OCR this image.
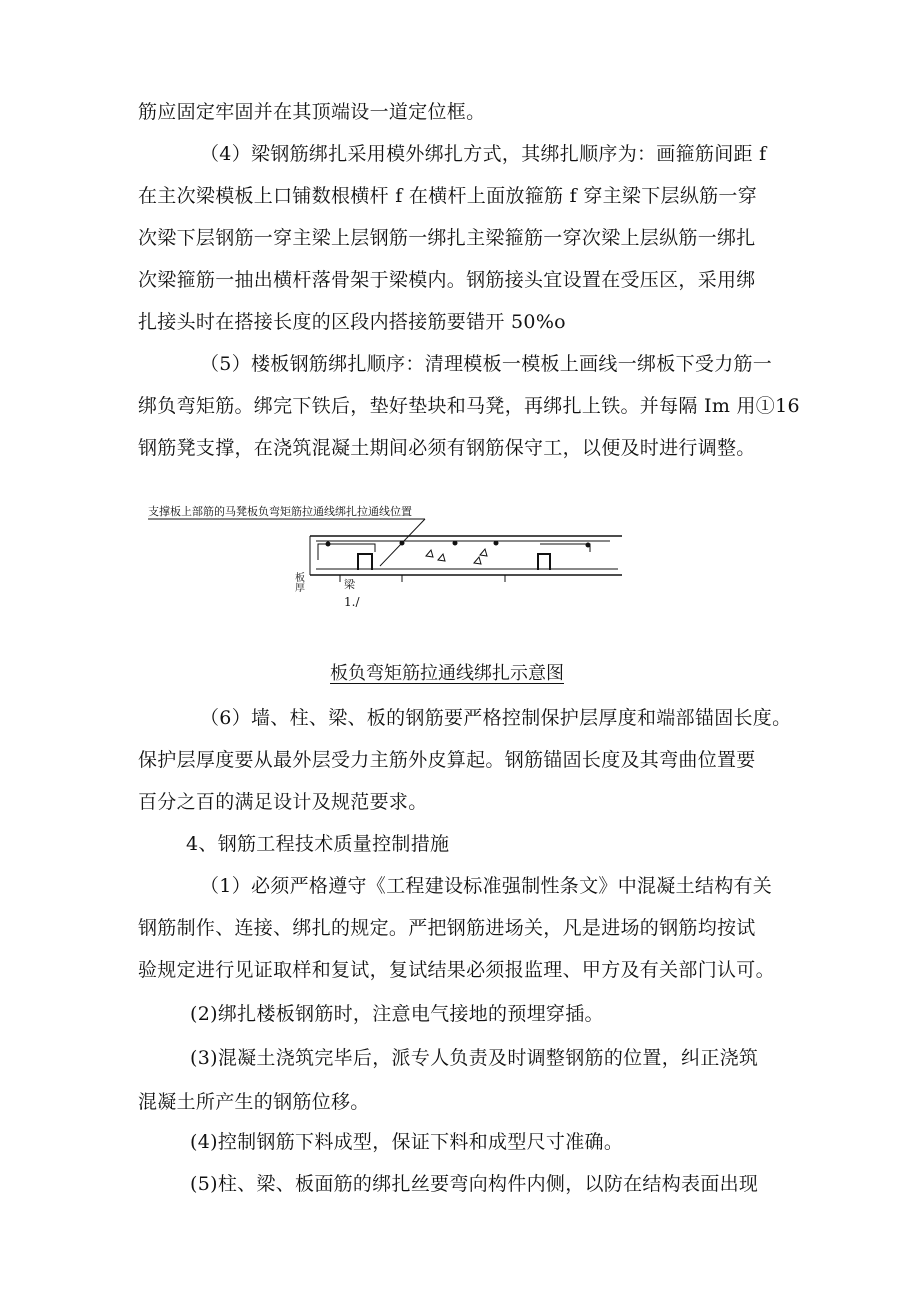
筋应固定牢固并在其顶端设一道定位框。
（4）梁钢筋绑扎采用模外绑扎方式，其绑扎顺序为：画箍筋间距 f
在主次梁模板上口铺数根横杆 f 在横杆上面放箍筋 f 穿主梁下层纵筋一穿
次梁下层钢筋一穿主梁上层钢筋一绑扎主梁箍筋一穿次梁上层纵筋一绑扎
次梁箍筋一抽出横杆落骨架于梁模内。钢筋接头宜设置在受压区，采用绑
扎接头时在搭接长度的区段内搭接筋要错开 50%o
（5）楼板钢筋绑扎顺序：清理模板一模板上画线一绑板下受力筋一
绑负弯矩筋。绑完下铁后，垫好垫块和马凳，再绑扎上铁。并每隔 Im 用①16
钢筋凳支撑，在浇筑混凝土期间必须有钢筋保守工，以便及时进行调整。
支撑板上部筋的马凳板负弯矩筋拉通线绑扎拉通线位置
板厚	梁
1./
板负弯矩筋拉通线绑扎示意图
（6）墙、柱、梁、板的钢筋要严格控制保护层厚度和端部锚固长度。
保护层厚度要从最外层受力主筋外皮算起。钢筋锚固长度及其弯曲位置要
百分之百的满足设计及规范要求。
4、钢筋工程技术质量控制措施
（1）必须严格遵守《工程建设标准强制性条文》中混凝土结构有关
钢筋制作、连接、绑扎的规定。严把钢筋进场关，凡是进场的钢筋均按试
验规定进行见证取样和复试，复试结果必须报监理、甲方及有关部门认可。
(2)绑扎楼板钢筋时，注意电气接地的预埋穿插。
(3)混凝土浇筑完毕后，派专人负责及时调整钢筋的位置，纠正浇筑
混凝土所产生的钢筋位移。
(4)控制钢筋下料成型，保证下料和成型尺寸准确。
(5)柱、梁、板面筋的绑扎丝要弯向构件内侧，以防在结构表面出现
